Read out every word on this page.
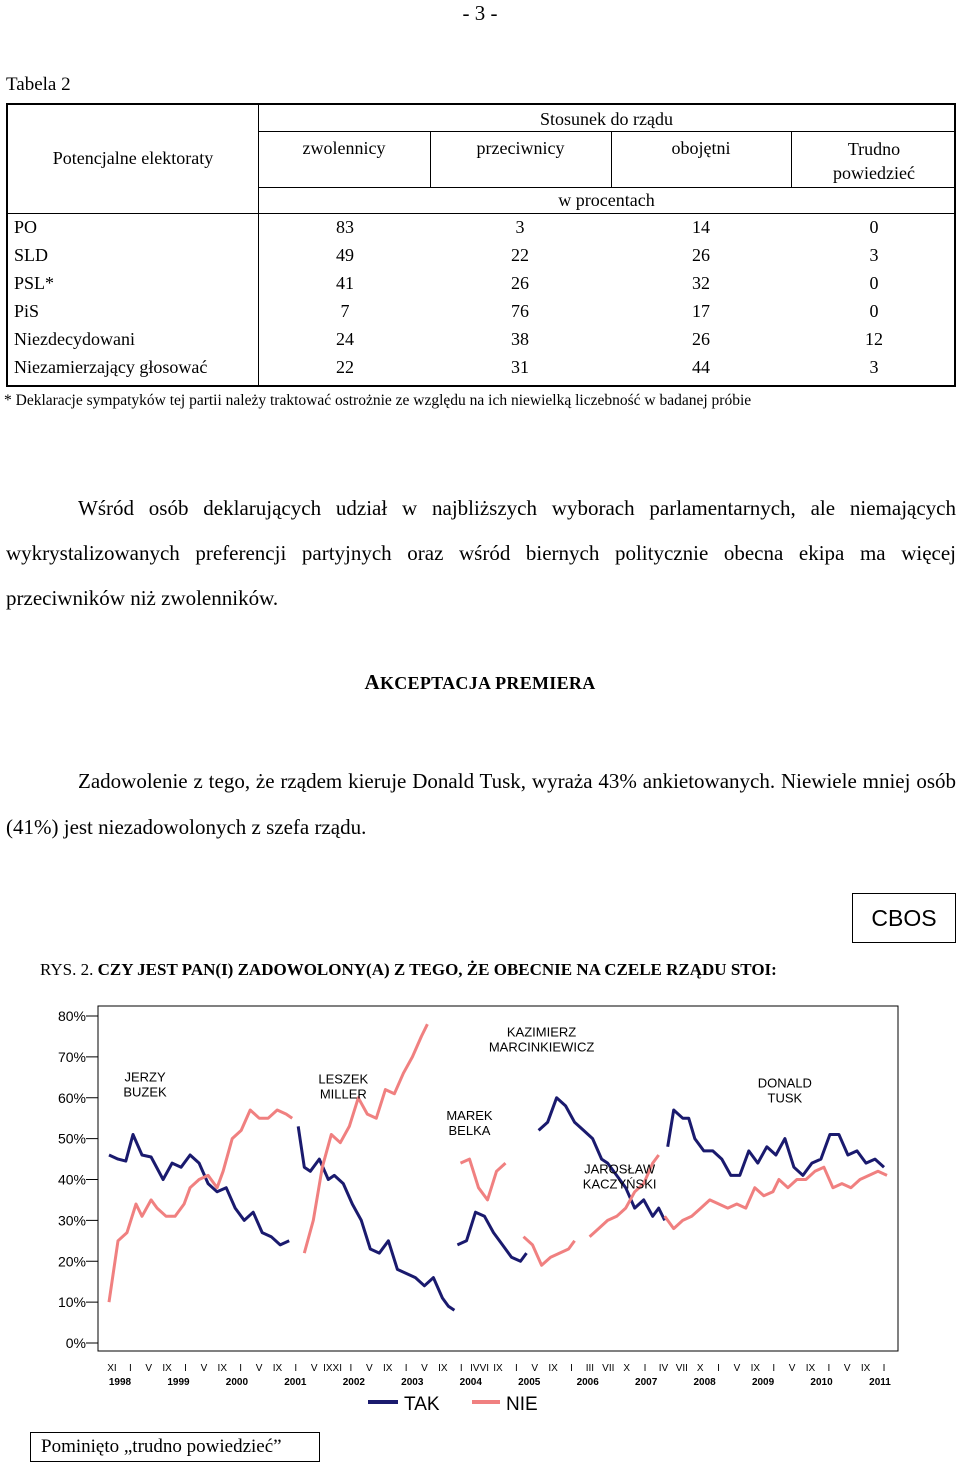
- 3 -
Tabela 2
Potencjalne elektoraty
Stosunek do rządu
zwolennicy	przeciwnicy	obojętni	Trudno powiedzieć
w procentach
PO	83	3	14	0
SLD	49	22	26	3
PSL*	41	26	32	0
PiS	7	76	17	0
Niezdecydowani	24	38	26	12
Niezamierzający głosować	22	31	44	3
* Deklaracje sympatyków tej partii należy traktować ostrożnie ze względu na ich niewielką liczebność w badanej próbie
Wśród osób deklarujących udział w najbliższych wyborach parlamentarnych, ale niemających wykrystalizowanych preferencji partyjnych oraz wśród biernych politycznie obecna ekipa ma więcej przeciwników niż zwolenników.
AKCEPTACJA PREMIERA
Zadowolenie z tego, że rządem kieruje Donald Tusk, wyraża 43% ankietowanych. Niewiele mniej osób (41%) jest niezadowolonych z szefa rządu.
CBOS
RYS. 2. CZY JEST PAN(I) ZADOWOLONY(A) Z TEGO, ŻE OBECNIE NA CZELE RZĄDU STOI:
80%
70%
60%
50%
40%
30%
20%
10%
0%
XI I V IX I V IX I V IX I V IXXI I V IX I V IX I IVVI IX I V IX I III VII X I IV VII X I V IX I V IX I V IX I
1998	1999	2000	2001	2002	2003	2004	2005	2006	2007	2008	2009	2010	2011
JERZY
BUZEK
LESZEK
MILLER
MAREK
BELKA
KAZIMIERZ
MARCINKIEWICZ
JAROSŁAW
KACZYŃSKI
DONALD
TUSK
TAK	NIE
Pominięto „trudno powiedzieć”
